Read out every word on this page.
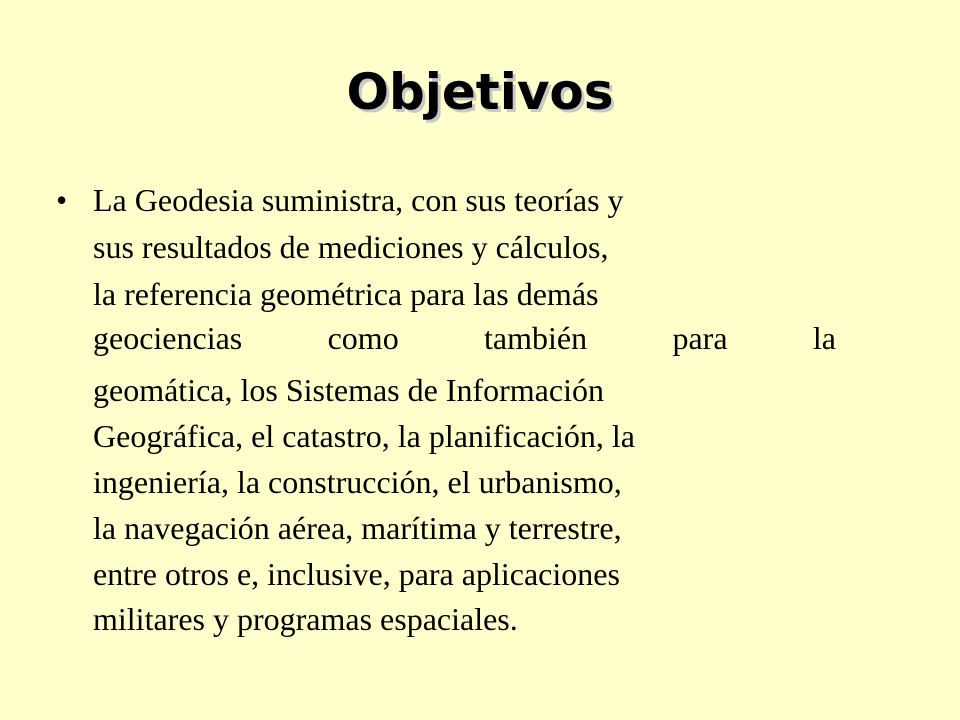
Objetivos
• La Geodesia suministra, con sus teorías y
sus resultados de mediciones y cálculos,
la referencia geométrica para las demás
geociencias	como	también	para	la
geomática, los Sistemas de Información
Geográfica, el catastro, la planificación, la
ingeniería, la construcción, el urbanismo,
la navegación aérea, marítima y terrestre,
entre otros e, inclusive, para aplicaciones
militares y programas espaciales.
